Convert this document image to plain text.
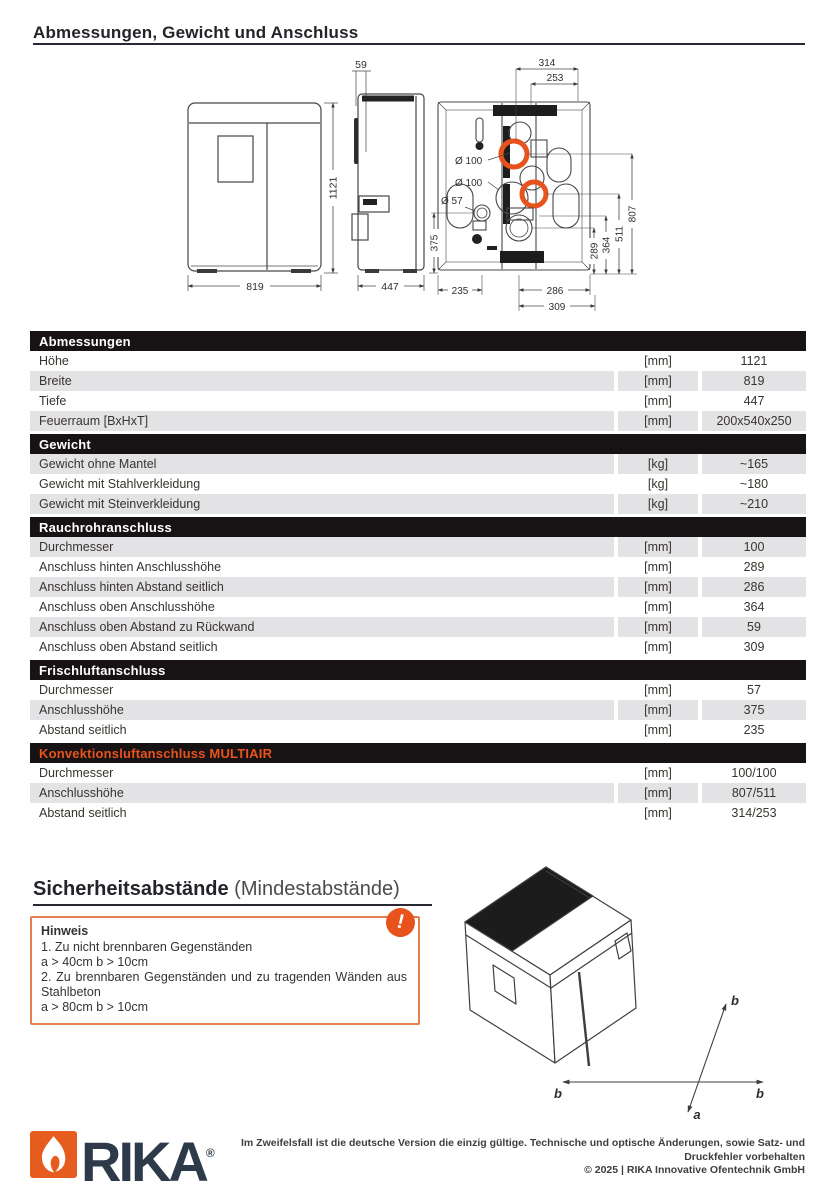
Abmessungen, Gewicht und Anschluss
819
1121
59
447
Ø 100
Ø 100
Ø 57
314
253
375	289 364
511
807
235	286
309
Abmessungen
Höhe	[mm]	1121
Breite	[mm]	819
Tiefe	[mm]	447
Feuerraum [BxHxT]	[mm]	200x540x250
Gewicht
Gewicht ohne Mantel	[kg]	~165
Gewicht mit Stahlverkleidung	[kg]	~180
Gewicht mit Steinverkleidung	[kg]	~210
Rauchrohranschluss
Durchmesser	[mm]	100
Anschluss hinten Anschlusshöhe	[mm]	289
Anschluss hinten Abstand seitlich	[mm]	286
Anschluss oben Anschlusshöhe	[mm]	364
Anschluss oben Abstand zu Rückwand	[mm]	59
Anschluss oben Abstand seitlich	[mm]	309
Frischluftanschluss
Durchmesser	[mm]	57
Anschlusshöhe	[mm]	375
Abstand seitlich	[mm]	235
Konvektionsluftanschluss MULTIAIR
Durchmesser	[mm]	100/100
Anschlusshöhe	[mm]	807/511
Abstand seitlich	[mm]	314/253
Sicherheitsabstände (Mindestabstände)
Hinweis
1. Zu nicht brennbaren Gegenständen
a > 40cm b > 10cm
2. Zu brennbaren Gegenständen und zu tragenden Wänden aus Stahlbeton
a > 80cm b > 10cm
!
b	b
b
a
RIKA®
Im Zweifelsfall ist die deutsche Version die einzig gültige. Technische und optische Änderungen, sowie Satz- und Druckfehler vorbehalten
© 2025 | RIKA Innovative Ofentechnik GmbH
